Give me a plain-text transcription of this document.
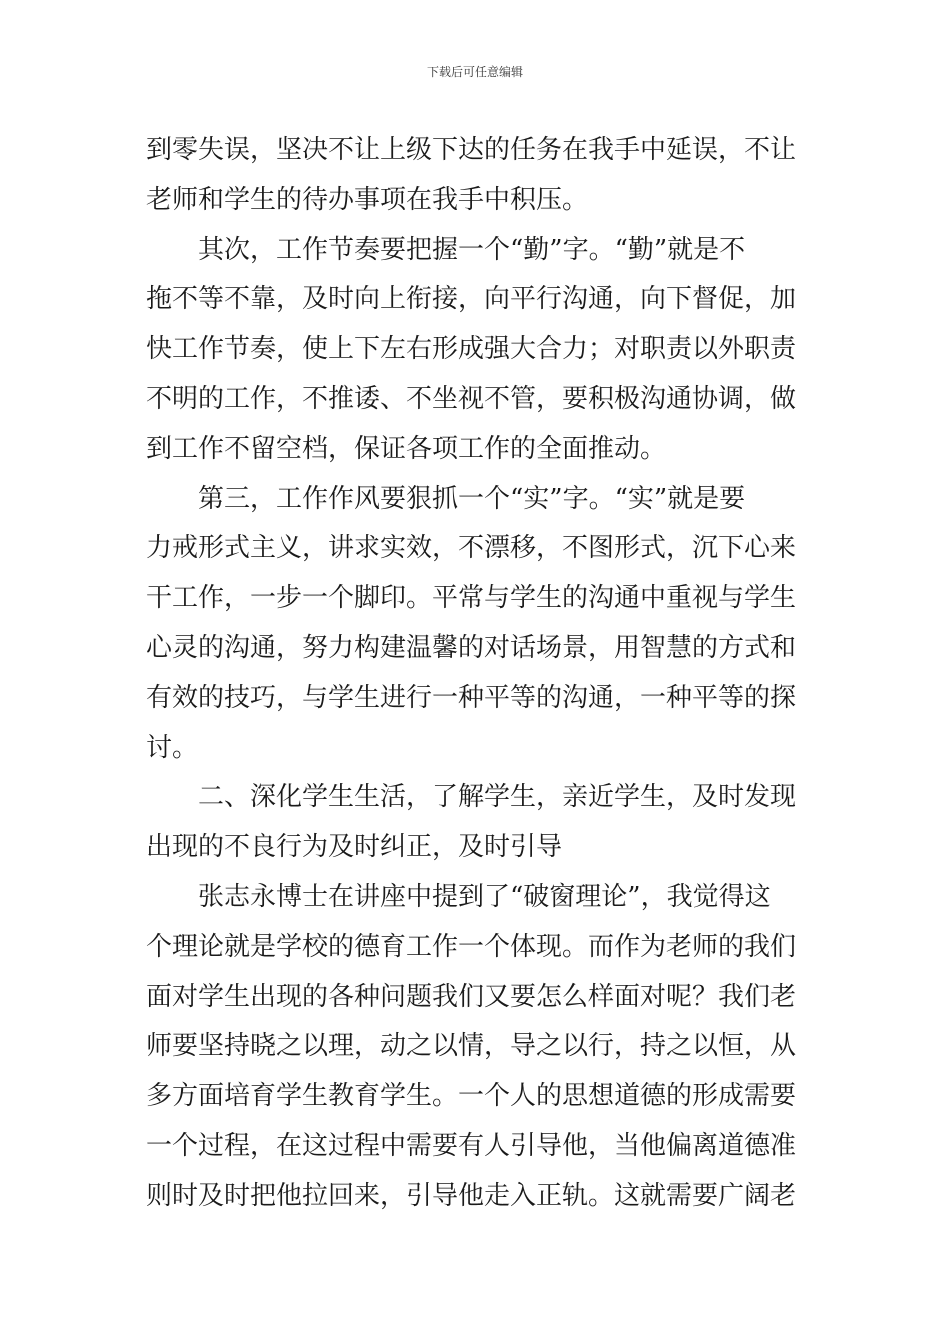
下载后可任意编辑
到零失误，坚决不让上级下达的任务在我手中延误，不让
老师和学生的待办事项在我手中积压。
　　其次，工作节奏要把握一个“勤”字。“勤”就是不
拖不等不靠，及时向上衔接，向平行沟通，向下督促，加
快工作节奏，使上下左右形成强大合力；对职责以外职责
不明的工作，不推诿、不坐视不管，要积极沟通协调，做
到工作不留空档，保证各项工作的全面推动。
　　第三，工作作风要狠抓一个“实”字。“实”就是要
力戒形式主义，讲求实效，不漂移，不图形式，沉下心来
干工作，一步一个脚印。平常与学生的沟通中重视与学生
心灵的沟通，努力构建温馨的对话场景，用智慧的方式和
有效的技巧，与学生进行一种平等的沟通，一种平等的探
讨。
　　二、深化学生生活，了解学生，亲近学生，及时发现
出现的不良行为及时纠正，及时引导
　　张志永博士在讲座中提到了“破窗理论”，我觉得这
个理论就是学校的德育工作一个体现。而作为老师的我们
面对学生出现的各种问题我们又要怎么样面对呢？我们老
师要坚持晓之以理，动之以情，导之以行，持之以恒，从
多方面培育学生教育学生。一个人的思想道德的形成需要
一个过程，在这过程中需要有人引导他，当他偏离道德准
则时及时把他拉回来，引导他走入正轨。这就需要广阔老
